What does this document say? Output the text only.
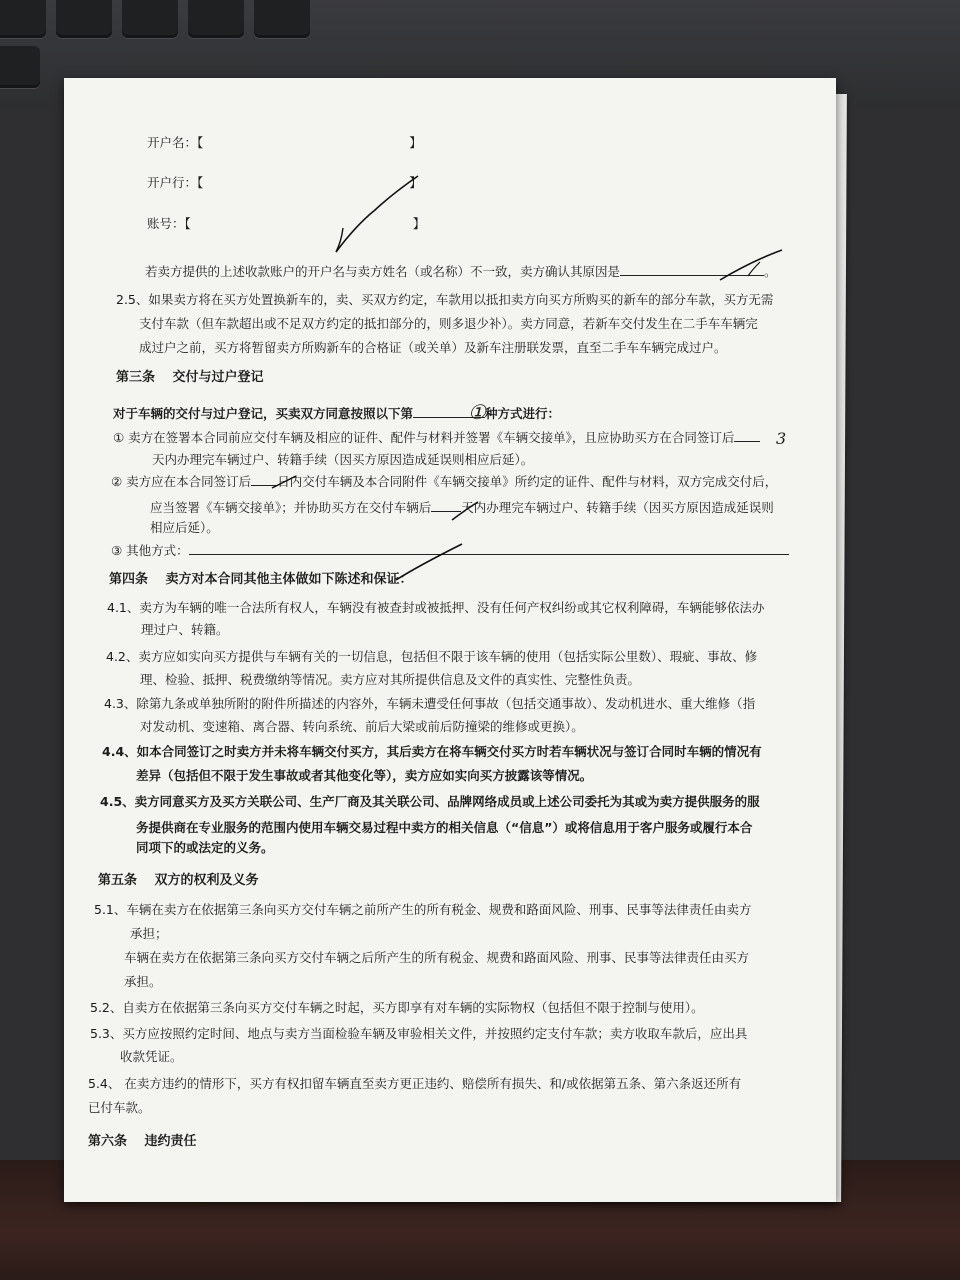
开户名：【	】
开户行：【	】
账号：【	】
若卖方提供的上述收款账户的开户名与卖方姓名（或名称）不一致，卖方确认其原因是	。
2.5、如果卖方将在买方处置换新车的，卖、买双方约定，车款用以抵扣卖方向买方所购买的新车的部分车款，买方无需
支付车款（但车款超出或不足双方约定的抵扣部分的，则多退少补）。卖方同意，若新车交付发生在二手车车辆完
成过户之前，买方将暂留卖方所购新车的合格证（或关单）及新车注册联发票，直至二手车车辆完成过户。
第三条　 交付与过户登记
对于车辆的交付与过户登记，买卖双方同意按照以下第	种方式进行：
① 卖方在签署本合同前应交付车辆及相应的证件、配件与材料并签署《车辆交接单》，且应协助买方在合同签订后
天内办理完车辆过户、转籍手续（因买方原因造成延误则相应后延）。
② 卖方应在本合同签订后 日内交付车辆及本合同附件《车辆交接单》所约定的证件、配件与材料，双方完成交付后，
应当签署《车辆交接单》；并协助买方在交付车辆后 天内办理完车辆过户、转籍手续（因买方原因造成延误则
相应后延）。
③ 其他方式：
第四条　 卖方对本合同其他主体做如下陈述和保证：
4.1、卖方为车辆的唯一合法所有权人，车辆没有被查封或被抵押、没有任何产权纠纷或其它权利障碍，车辆能够依法办
理过户、转籍。
4.2、卖方应如实向买方提供与车辆有关的一切信息，包括但不限于该车辆的使用（包括实际公里数）、瑕疵、事故、修
理、检验、抵押、税费缴纳等情况。卖方应对其所提供信息及文件的真实性、完整性负责。
4.3、除第九条或单独所附的附件所描述的内容外，车辆未遭受任何事故（包括交通事故）、发动机进水、重大维修（指
对发动机、变速箱、离合器、转向系统、前后大梁或前后防撞梁的维修或更换）。
4.4、如本合同签订之时卖方并未将车辆交付买方，其后卖方在将车辆交付买方时若车辆状况与签订合同时车辆的情况有
差异（包括但不限于发生事故或者其他变化等），卖方应如实向买方披露该等情况。
4.5、卖方同意买方及买方关联公司、生产厂商及其关联公司、品牌网络成员或上述公司委托为其或为卖方提供服务的服
务提供商在专业服务的范围内使用车辆交易过程中卖方的相关信息（“信息”）或将信息用于客户服务或履行本合
同项下的或法定的义务。
第五条　 双方的权利及义务
5.1、车辆在卖方在依据第三条向买方交付车辆之前所产生的所有税金、规费和路面风险、刑事、民事等法律责任由卖方
承担；
车辆在卖方在依据第三条向买方交付车辆之后所产生的所有税金、规费和路面风险、刑事、民事等法律责任由买方
承担。
5.2、自卖方在依据第三条向买方交付车辆之时起，买方即享有对车辆的实际物权（包括但不限于控制与使用）。
5.3、买方应按照约定时间、地点与卖方当面检验车辆及审验相关文件，并按照约定支付车款；卖方收取车款后，应出具
收款凭证。
5.4、 在卖方违约的情形下，买方有权扣留车辆直至卖方更正违约、赔偿所有损失、和/或依据第五条、第六条返还所有
已付车款。
第六条　 违约责任
①
3
